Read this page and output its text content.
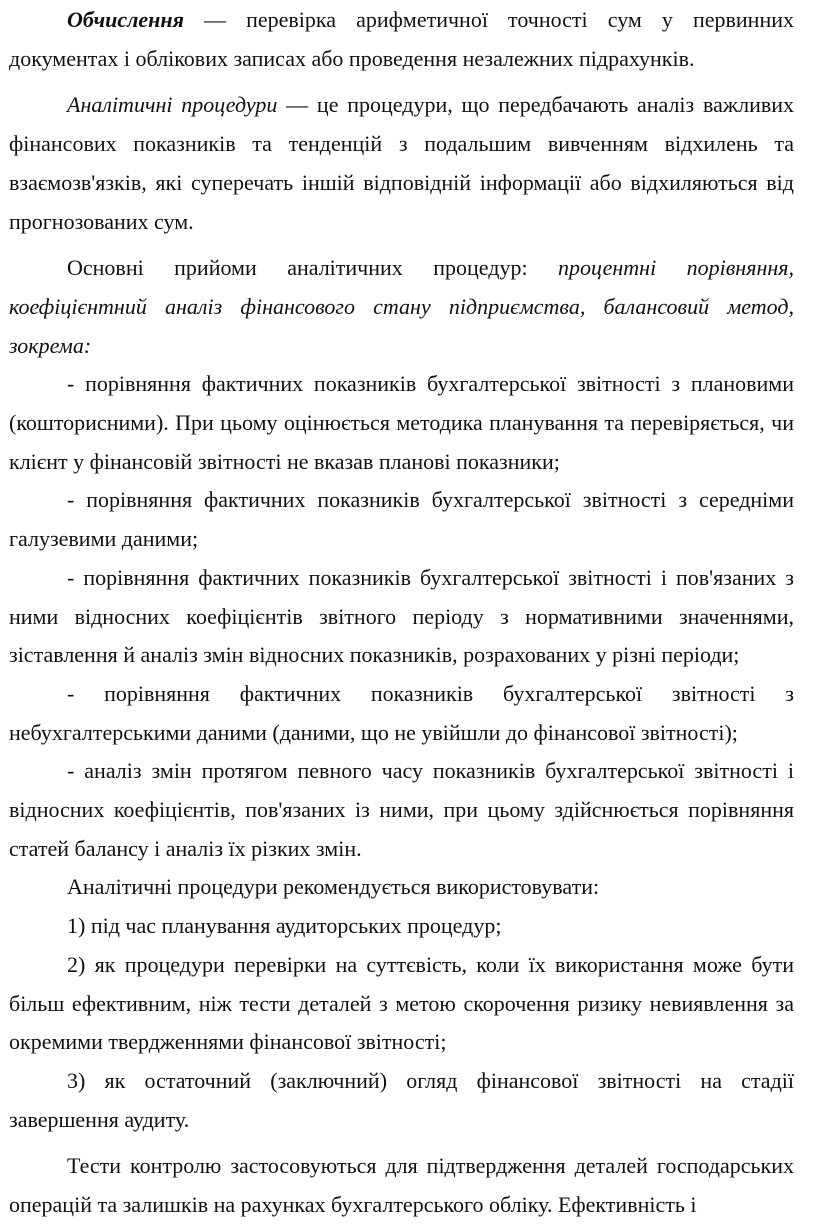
Обчислення — перевірка арифметичної точності сум у первинних документах і облікових записах або проведення незалежних підрахунків.

Аналітичні процедури — це процедури, що передбачають аналіз важливих фінансових показників та тенденцій з подальшим вивченням відхилень та взаємозв'язків, які суперечать іншій відповідній інформації або відхиляються від прогнозованих сум.

Основні прийоми аналітичних процедур: процентні порівняння, коефіцієнтний аналіз фінансового стану підприємства, балансовий метод, зокрема:

- порівняння фактичних показників бухгалтерської звітності з плановими (кошторисними). При цьому оцінюється методика планування та перевіряється, чи клієнт у фінансовій звітності не вказав планові показники;

- порівняння фактичних показників бухгалтерської звітності з середніми галузевими даними;

- порівняння фактичних показників бухгалтерської звітності і пов'язаних з ними відносних коефіцієнтів звітного періоду з нормативними значеннями, зіставлення й аналіз змін відносних показників, розрахованих у різні періоди;

- порівняння фактичних показників бухгалтерської звітності з небухгалтерськими даними (даними, що не увійшли до фінансової звітності);

- аналіз змін протягом певного часу показників бухгалтерської звітності і відносних коефіцієнтів, пов'язаних із ними, при цьому здійснюється порівняння статей балансу і аналіз їх різких змін.

Аналітичні процедури рекомендується використовувати:

1) під час планування аудиторських процедур;

2) як процедури перевірки на суттєвість, коли їх використання може бути більш ефективним, ніж тести деталей з метою скорочення ризику невиявлення за окремими твердженнями фінансової звітності;

3) як остаточний (заключний) огляд фінансової звітності на стадії завершення аудиту.

Тести контролю застосовуються для підтвердження деталей господарських операцій та залишків на рахунках бухгалтерського обліку. Ефективність і
